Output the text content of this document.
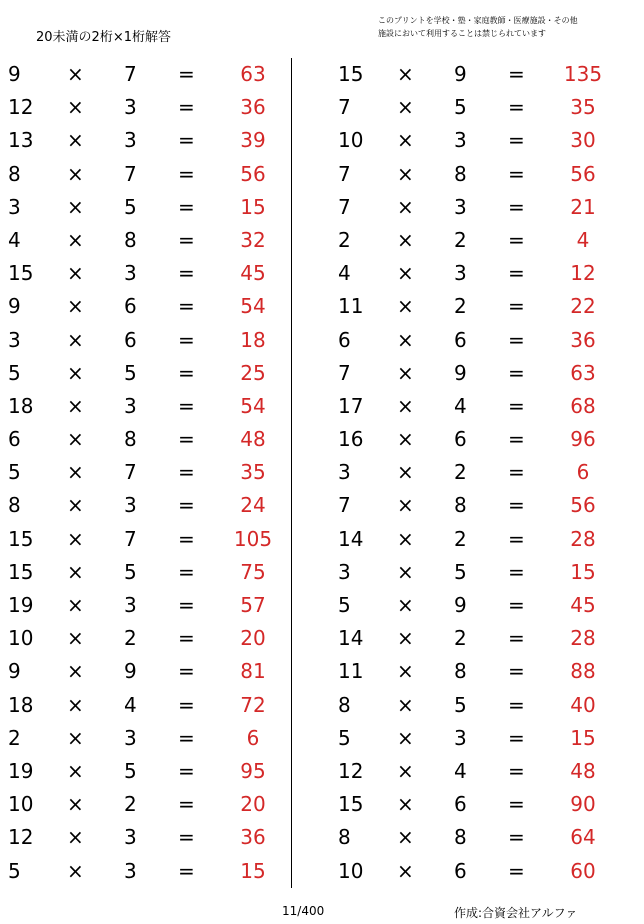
20未満の2桁×1桁解答
このプリントを学校・塾・家庭教師・医療施設・その他
施設において利用することは禁じられています
9 × 7 =	63
12 × 3 =	36
13 × 3 =	39
8 × 7 =	56
3 × 5 =	15
4 × 8 =	32
15 × 3 =	45
9 × 6 =	54
3 × 6 =	18
5 × 5 =	25
18 × 3 =	54
6 × 8 =	48
5 × 7 =	35
8 × 3 =	24
15 × 7 =	105
15 × 5 =	75
19 × 3 =	57
10 × 2 =	20
9 × 9 =	81
18 × 4 =	72
2 × 3 =	6
19 × 5 =	95
10 × 2 =	20
12 × 3 =	36
5 × 3 =	15
15 × 9 =	135
7 × 5 =	35
10 × 3 =	30
7 × 8 =	56
7 × 3 =	21
2 × 2 =	4
4 × 3 =	12
11 × 2 =	22
6 × 6 =	36
7 × 9 =	63
17 × 4 =	68
16 × 6 =	96
3 × 2 =	6
7 × 8 =	56
14 × 2 =	28
3 × 5 =	15
5 × 9 =	45
14 × 2 =	28
11 × 8 =	88
8 × 5 =	40
5 × 3 =	15
12 × 4 =	48
15 × 6 =	90
8 × 8 =	64
10 × 6 =	60
11/400	作成:合資会社アルファ
